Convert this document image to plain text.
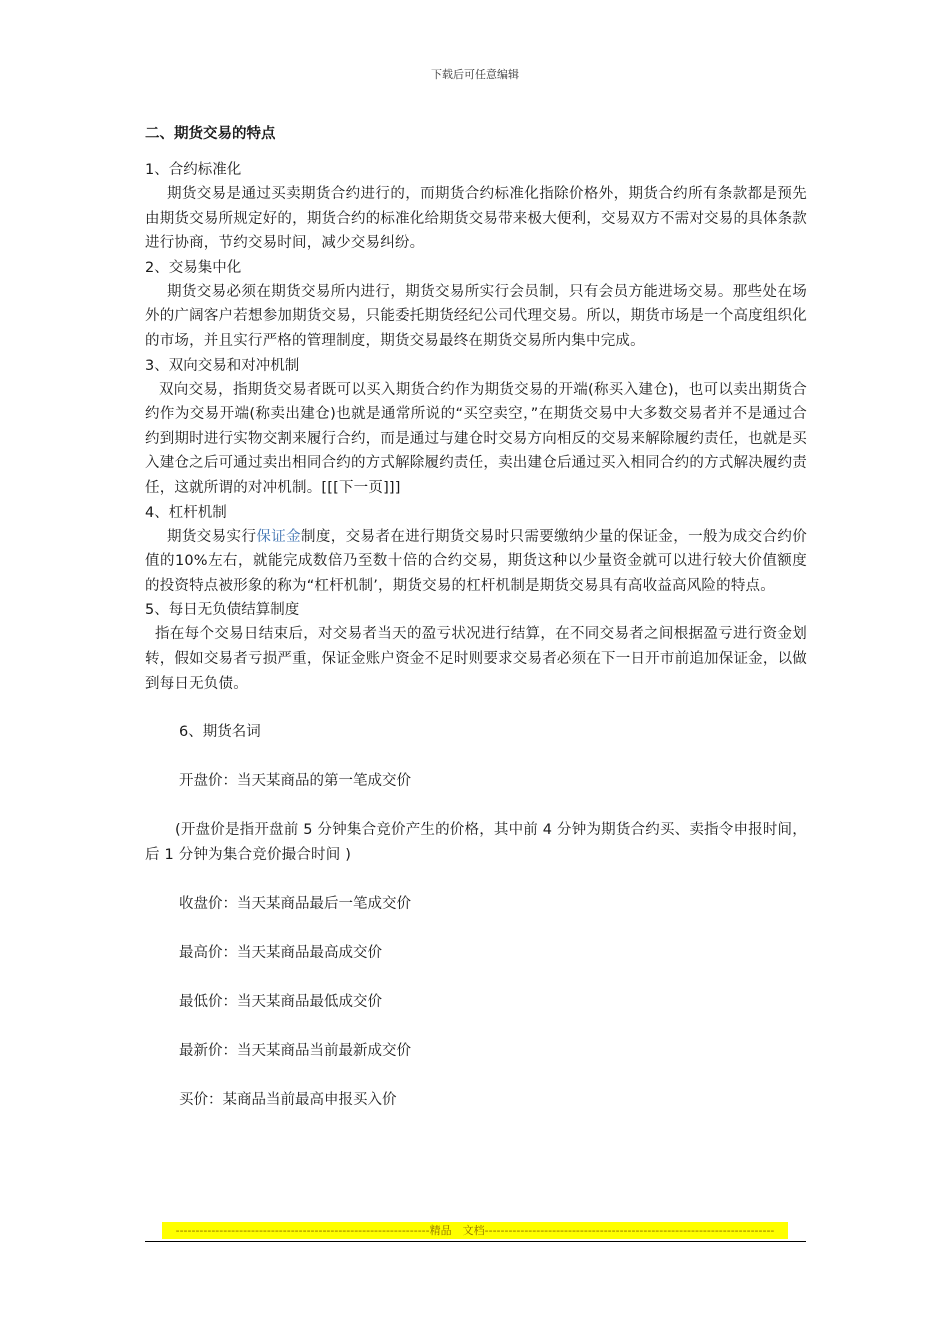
下载后可任意编辑

二、期货交易的特点

1、合约标准化

期货交易是通过买卖期货合约进行的，而期货合约标准化指除价格外，期货合约所有条款都是预先由期货交易所规定好的，期货合约的标准化给期货交易带来极大便利，交易双方不需对交易的具体条款进行协商，节约交易时间，减少交易纠纷。

2、交易集中化

期货交易必须在期货交易所内进行，期货交易所实行会员制，只有会员方能进场交易。那些处在场外的广阔客户若想参加期货交易，只能委托期货经纪公司代理交易。所以，期货市场是一个高度组织化的市场，并且实行严格的管理制度，期货交易最终在期货交易所内集中完成。

3、双向交易和对冲机制

双向交易，指期货交易者既可以买入期货合约作为期货交易的开端(称买入建仓)，也可以卖出期货合约作为交易开端(称卖出建仓)也就是通常所说的“买空卖空，”在期货交易中大多数交易者并不是通过合约到期时进行实物交割来履行合约，而是通过与建仓时交易方向相反的交易来解除履约责任，也就是买入建仓之后可通过卖出相同合约的方式解除履约责任，卖出建仓后通过买入相同合约的方式解决履约责任，这就所谓的对冲机制。[[[下一页]]]

4、杠杆机制

期货交易实行保证金制度，交易者在进行期货交易时只需要缴纳少量的保证金，一般为成交合约价值的10%左右，就能完成数倍乃至数十倍的合约交易，期货这种以少量资金就可以进行较大价值额度的投资特点被形象的称为“杠杆机制’，期货交易的杠杆机制是期货交易具有高收益高风险的特点。

5、每日无负债结算制度

指在每个交易日结束后，对交易者当天的盈亏状况进行结算，在不同交易者之间根据盈亏进行资金划转，假如交易者亏损严重，保证金账户资金不足时则要求交易者必须在下一日开市前追加保证金，以做到每日无负债。

6、期货名词

开盘价：当天某商品的第一笔成交价

(开盘价是指开盘前 5 分钟集合竞价产生的价格，其中前 4 分钟为期货合约买、卖指令申报时间，后 1 分钟为集合竞价撮合时间 )

收盘价：当天某商品最后一笔成交价

最高价：当天某商品最高成交价

最低价：当天某商品最低成交价

最新价：当天某商品当前最新成交价

买价：某商品当前最高申报买入价

----------------------------------------------------------------精品　文档-------------------------------------------------------------------------
